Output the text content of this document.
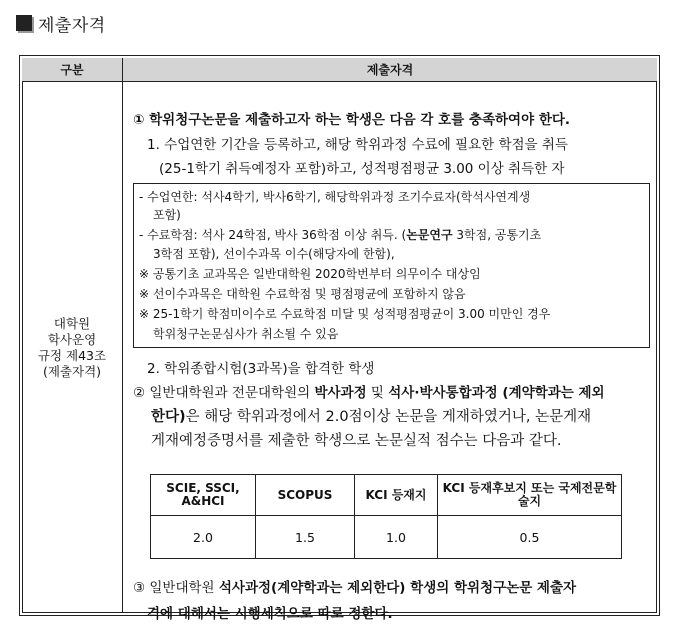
제출자격
구분	제출자격
대학원
학사운영
규정 제43조
(제출자격)
① 학위청구논문을 제출하고자 하는 학생은 다음 각 호를 충족하여야 한다.
1. 수업연한 기간을 등록하고, 해당 학위과정 수료에 필요한 학점을 취득
(25-1학기 취득예정자 포함)하고, 성적평점평균 3.00 이상 취득한 자
- 수업연한: 석사4학기, 박사6학기, 해당학위과정 조기수료자(학석사연계생
포함)
- 수료학점: 석사 24학점, 박사 36학점 이상 취득. (논문연구 3학점, 공통기초
3학점 포함), 선이수과목 이수(해당자에 한함),
※ 공통기초 교과목은 일반대학원 2020학번부터 의무이수 대상임
※ 선이수과목은 대학원 수료학점 및 평점평균에 포함하지 않음
※ 25-1학기 학점미이수로 수료학점 미달 및 성적평점평균이 3.00 미만인 경우
학위청구논문심사가 취소될 수 있음
2. 학위종합시험(3과목)을 합격한 학생
② 일반대학원과 전문대학원의 박사과정 및 석사·박사통합과정 (계약학과는 제외
한다)은 해당 학위과정에서 2.0점이상 논문을 게재하였거나, 논문게재
게재예정증명서를 제출한 학생으로 논문실적 점수는 다음과 같다.
SCIE, SSCI, A&HCI	SCOPUS	KCI 등재지	KCI 등재후보지 또는 국제전문학술지
2.0	1.5	1.0	0.5
③ 일반대학원 석사과정(계약학과는 제외한다) 학생의 학위청구논문 제출자
격에 대해서는 시행세칙으로 따로 정한다.
